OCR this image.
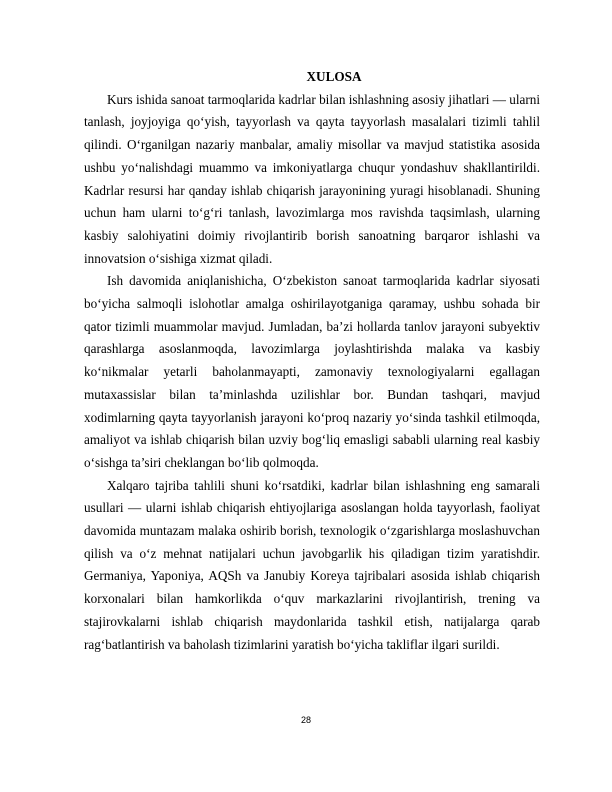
XULOSA

Kurs ishida sanoat tarmoqlarida kadrlar bilan ishlashning asosiy jihatlari — ularni tanlash, joyjoyiga qo‘yish, tayyorlash va qayta tayyorlash masalalari tizimli tahlil qilindi. O‘rganilgan nazariy manbalar, amaliy misollar va mavjud statistika asosida ushbu yo‘nalishdagi muammo va imkoniyatlarga chuqur yondashuv shakllantirildi. Kadrlar resursi har qanday ishlab chiqarish jarayonining yuragi hisoblanadi. Shuning uchun ham ularni to‘g‘ri tanlash, lavozimlarga mos ravishda taqsimlash, ularning kasbiy salohiyatini doimiy rivojlantirib borish sanoatning barqaror ishlashi va innovatsion o‘sishiga xizmat qiladi.

Ish davomida aniqlanishicha, O‘zbekiston sanoat tarmoqlarida kadrlar siyosati bo‘yicha salmoqli islohotlar amalga oshirilayotganiga qaramay, ushbu sohada bir qator tizimli muammolar mavjud. Jumladan, ba’zi hollarda tanlov jarayoni subyektiv qarashlarga asoslanmoqda, lavozimlarga joylashtirishda malaka va kasbiy ko‘nikmalar yetarli baholanmayapti, zamonaviy texnologiyalarni egallagan mutaxassislar bilan ta’minlashda uzilishlar bor. Bundan tashqari, mavjud xodimlarning qayta tayyorlanish jarayoni ko‘proq nazariy yo‘sinda tashkil etilmoqda, amaliyot va ishlab chiqarish bilan uzviy bog‘liq emasligi sababli ularning real kasbiy o‘sishga ta’siri cheklangan bo‘lib qolmoqda.

Xalqaro tajriba tahlili shuni ko‘rsatdiki, kadrlar bilan ishlashning eng samarali usullari — ularni ishlab chiqarish ehtiyojlariga asoslangan holda tayyorlash, faoliyat davomida muntazam malaka oshirib borish, texnologik o‘zgarishlarga moslashuvchan qilish va o‘z mehnat natijalari uchun javobgarlik his qiladigan tizim yaratishdir. Germaniya, Yaponiya, AQSh va Janubiy Koreya tajribalari asosida ishlab chiqarish korxonalari bilan hamkorlikda o‘quv markazlarini rivojlantirish, trening va stajirovkalarni ishlab chiqarish maydonlarida tashkil etish, natijalarga qarab rag‘batlantirish va baholash tizimlarini yaratish bo‘yicha takliflar ilgari surildi.

28
